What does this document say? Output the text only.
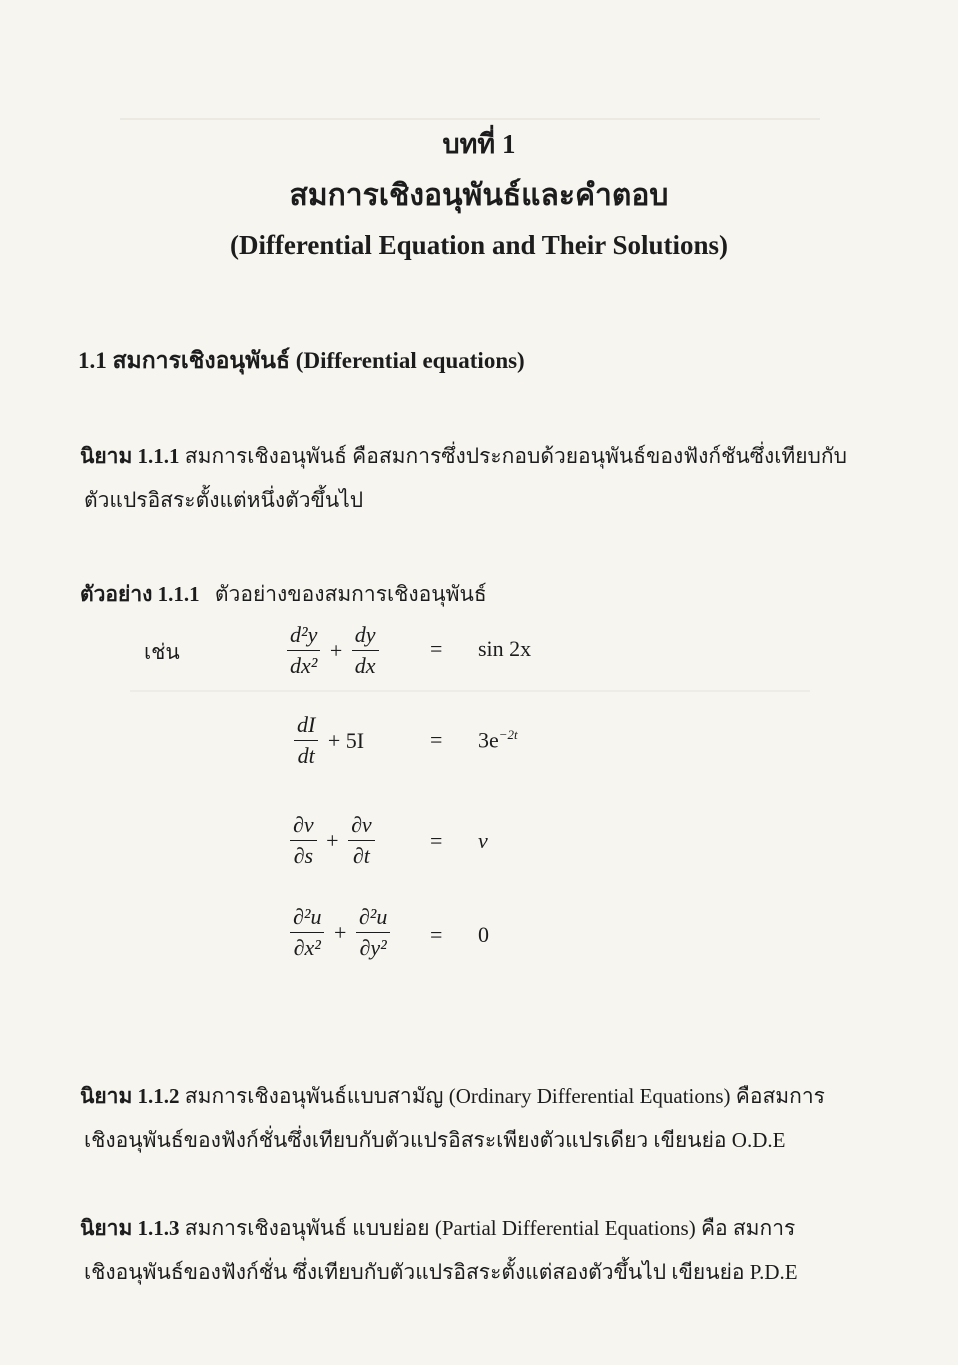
บทที่ 1
สมการเชิงอนุพันธ์และคำตอบ
(Differential Equation and Their Solutions)
1.1 สมการเชิงอนุพันธ์ (Differential equations)
นิยาม 1.1.1 สมการเชิงอนุพันธ์ คือสมการซึ่งประกอบด้วยอนุพันธ์ของฟังก์ชันซึ่งเทียบกับ
ตัวแปรอิสระตั้งแต่หนึ่งตัวขึ้นไป
ตัวอย่าง 1.1.1 ตัวอย่างของสมการเชิงอนุพันธ์
เช่น	$\frac{\text{d²y}}{\text{dx²}} + \frac{dy}{dx} = \sin 2x$
$\frac{dI}{dt} + 5I$	= $3e^{-2t}$
$\frac{\partial v}{\partial s} + \frac{\partial v}{\partial t}$	= v
$\frac{\text{∂²u}}{\text{∂x²}} + \frac{\text{∂²u}}{\text{∂y²}} = 0$
นิยาม 1.1.2 สมการเชิงอนุพันธ์แบบสามัญ (Ordinary Differential Equations) คือสมการ
เชิงอนุพันธ์ของฟังก์ชั่นซึ่งเทียบกับตัวแปรอิสระเพียงตัวแปรเดียว เขียนย่อ O.D.E
นิยาม 1.1.3 สมการเชิงอนุพันธ์ แบบย่อย (Partial Differential Equations) คือ สมการ
เชิงอนุพันธ์ของฟังก์ชั่น ซึ่งเทียบกับตัวแปรอิสระตั้งแต่สองตัวขึ้นไป เขียนย่อ P.D.E
